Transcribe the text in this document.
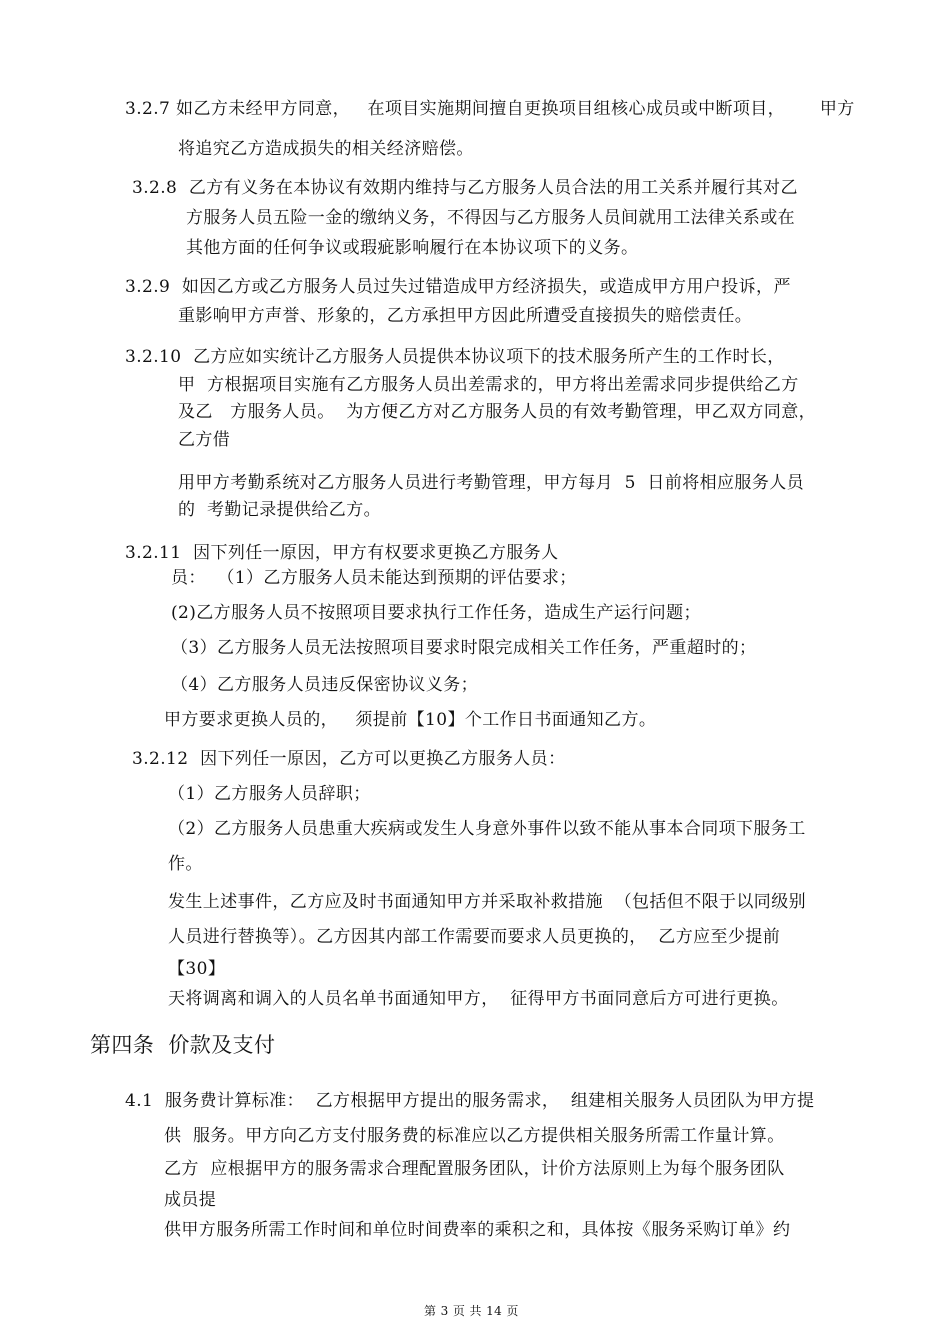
3.2.7 如乙方未经甲方同意，   在项目实施期间擅自更换项目组核心成员或中断项目，      甲方
将追究乙方造成损失的相关经济赔偿。
3.2.8  乙方有义务在本协议有效期内维持与乙方服务人员合法的用工关系并履行其对乙
方服务人员五险一金的缴纳义务，不得因与乙方服务人员间就用工法律关系或在
其他方面的任何争议或瑕疵影响履行在本协议项下的义务。
3.2.9  如因乙方或乙方服务人员过失过错造成甲方经济损失，或造成甲方用户投诉，严
重影响甲方声誉、形象的，乙方承担甲方因此所遭受直接损失的赔偿责任。
3.2.10  乙方应如实统计乙方服务人员提供本协议项下的技术服务所产生的工作时长，
甲  方根据项目实施有乙方服务人员出差需求的，甲方将出差需求同步提供给乙方
及乙   方服务人员。  为方便乙方对乙方服务人员的有效考勤管理，甲乙双方同意，
乙方借
用甲方考勤系统对乙方服务人员进行考勤管理，甲方每月  5  日前将相应服务人员
的  考勤记录提供给乙方。
3.2.11  因下列任一原因，甲方有权要求更换乙方服务人
员：  （1）乙方服务人员未能达到预期的评估要求；
(2)乙方服务人员不按照项目要求执行工作任务，造成生产运行问题；
（3）乙方服务人员无法按照项目要求时限完成相关工作任务，严重超时的；
（4）乙方服务人员违反保密协议义务；
甲方要求更换人员的，   须提前【10】个工作日书面通知乙方。
3.2.12  因下列任一原因，乙方可以更换乙方服务人员：
（1）乙方服务人员辞职；
（2）乙方服务人员患重大疾病或发生人身意外事件以致不能从事本合同项下服务工
作。
发生上述事件，乙方应及时书面通知甲方并采取补救措施  （包括但不限于以同级别
人员进行替换等）。乙方因其内部工作需要而要求人员更换的，  乙方应至少提前
【30】
天将调离和调入的人员名单书面通知甲方，  征得甲方书面同意后方可进行更换。
第四条  价款及支付
4.1  服务费计算标准：  乙方根据甲方提出的服务需求，  组建相关服务人员团队为甲方提
供  服务。甲方向乙方支付服务费的标准应以乙方提供相关服务所需工作量计算。
乙方  应根据甲方的服务需求合理配置服务团队，计价方法原则上为每个服务团队
成员提
供甲方服务所需工作时间和单位时间费率的乘积之和，具体按《服务采购订单》约
第 3 页 共 14 页
